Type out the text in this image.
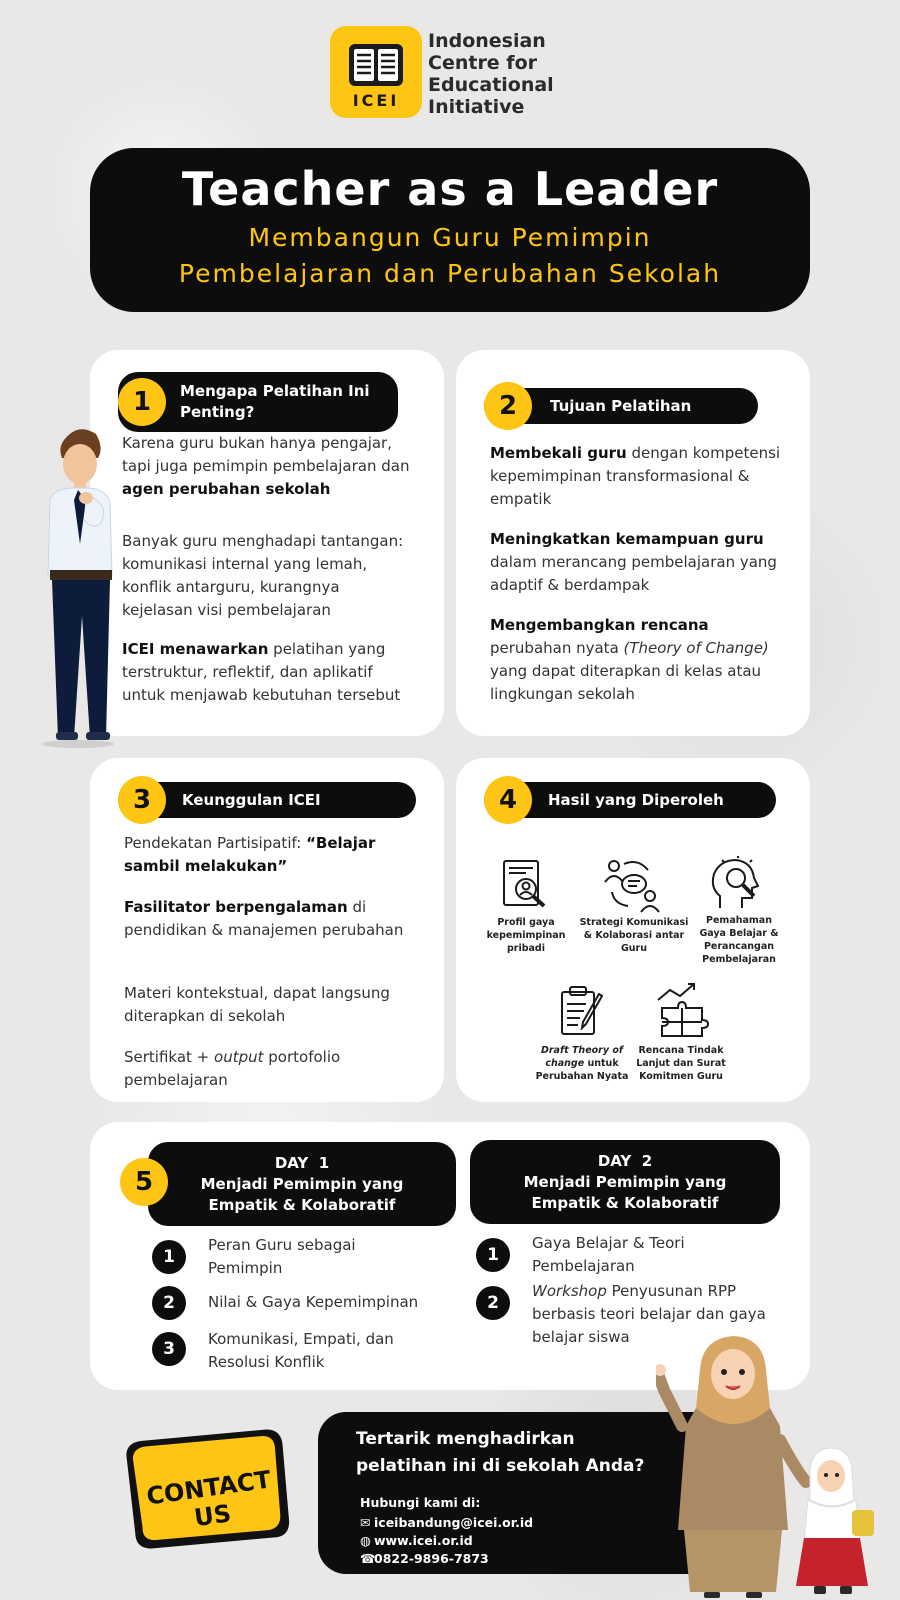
ICEI
Indonesian
Centre for
Educational
Initiative
Teacher as a Leader
Membangun Guru Pemimpin
Pembelajaran dan Perubahan Sekolah
Mengapa Pelatihan Ini
Penting?
1
Karena guru bukan hanya pengajar, tapi juga pemimpin pembelajaran dan agen perubahan sekolah
Banyak guru menghadapi tantangan: komunikasi internal yang lemah, konflik antarguru, kurangnya kejelasan visi pembelajaran
ICEI menawarkan pelatihan yang terstruktur, reflektif, dan aplikatif untuk menjawab kebutuhan tersebut
Tujuan Pelatihan
2
Membekali guru dengan kompetensi kepemimpinan transformasional & empatik
Meningkatkan kemampuan guru dalam merancang pembelajaran yang adaptif & berdampak
Mengembangkan rencana perubahan nyata (Theory of Change) yang dapat diterapkan di kelas atau lingkungan sekolah
Keunggulan ICEI
3
Pendekatan Partisipatif: “Belajar sambil melakukan”
Fasilitator berpengalaman di pendidikan & manajemen perubahan
Materi kontekstual, dapat langsung diterapkan di sekolah
Sertifikat + output portofolio pembelajaran
Hasil yang Diperoleh
4
Profil gaya
kepemimpinan
pribadi
Strategi Komunikasi
& Kolaborasi antar
Guru
Pemahaman
Gaya Belajar &
Perancangan
Pembelajaran
Draft Theory of change untuk
Perubahan Nyata
Rencana Tindak
Lanjut dan Surat
Komitmen Guru
DAY  1
Menjadi Pemimpin yang
Empatik & Kolaboratif
5
DAY  2
Menjadi Pemimpin yang
Empatik & Kolaboratif
1
Peran Guru sebagai
Pemimpin
2	Nilai & Gaya Kepemimpinan
3	Komunikasi, Empati, dan
Resolusi Konflik
1
Gaya Belajar & Teori
Pembelajaran
2
Workshop Penyusunan RPP berbasis teori belajar dan gaya belajar siswa
CONTACT US
Tertarik menghadirkan
pelatihan ini di sekolah Anda?
Hubungi kami di:
✉ iceibandung@icei.or.id
◍ www.icei.or.id
☎0822-9896-7873
